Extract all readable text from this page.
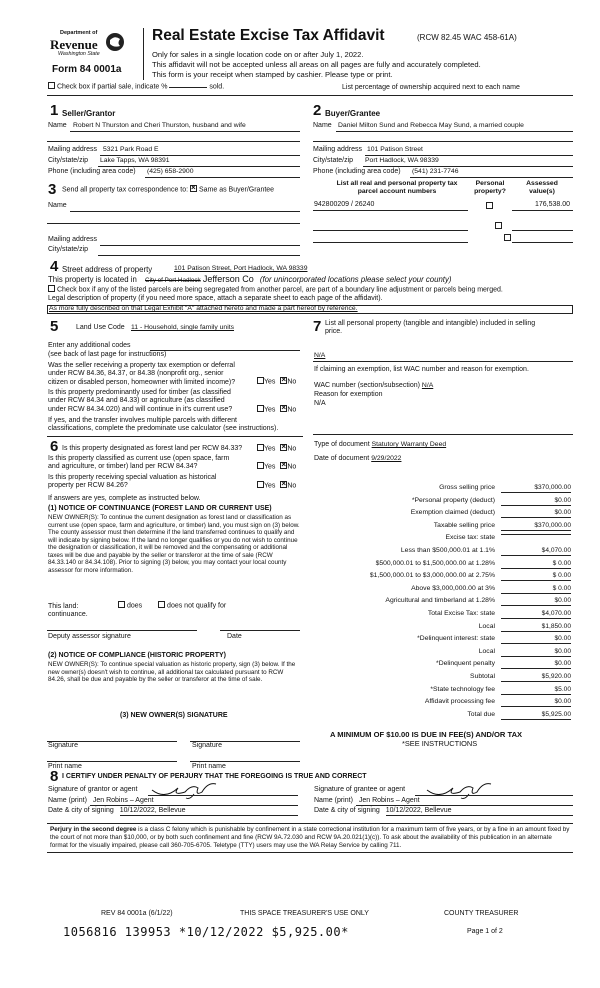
Department of
Revenue
Washington State
Form 84 0001a
Real Estate Excise Tax Affidavit	(RCW 82.45 WAC 458-61A)
Only for sales in a single location code on or after July 1, 2022.
This affidavit will not be accepted unless all areas on all pages are fully and accurately completed.
This form is your receipt when stamped by cashier. Please type or print.
Check box if partial sale, indicate %	sold.	List percentage of ownership acquired next to each name
1 Seller/Grantor
Name Robert N Thurston and Cheri Thurston, husband and wife
Mailing address 5321 Park Road E
City/state/zip Lake Tapps, WA 98391
Phone (including area code) (425) 658-2900
2 Buyer/Grantee
Name Daniel Milton Sund and Rebecca May Sund, a married couple
Mailing address 101 Patison Street
City/state/zip Port Hadlock, WA 98339
Phone (including area code) (541) 231-7746
3 Send all property tax correspondence to: × Same as Buyer/Grantee
Name
Mailing address
City/state/zip
List all real and personal property tax
parcel account numbers
Personal
property?
Assessed
value(s)
942800209 / 26240
	176,538.00

4 Street address of property	101 Patison Street, Port Hadlock, WA 98339
This property is located in City of Port Hadlock Jefferson Co (for unincorporated locations please select your county)
Check box if any of the listed parcels are being segregated from another parcel, are part of a boundary line adjustment or parcels being merged.
Legal description of property (if you need more space, attach a separate sheet to each page of the affidavit).
As more fully described on that Legal Exhibit "A" attached hereto and made a part hereof by reference.
5	Land Use Code 11 - Household, single family units
Enter any additional codes
(see back of last page for instructions)
Was the seller receiving a property tax exemption or deferral
under RCW 84.36, 84.37, or 84.38 (nonprofit org., senior
citizen or disabled person, homeowner with limited income)?	Yes × No
Is this property predominantly used for timber (as classified
under RCW 84.34 and 84.33) or agriculture (as classified
under RCW 84.34.020) and will continue in it's current use?	Yes × No
If yes, and the transfer involves multiple parcels with different
classifications, complete the predominate use calculator (see instructions).
6 Is this property designated as forest land per RCW 84.33?	Yes × No
Is this property classified as current use (open space, farm
and agriculture, or timber) land per RCW 84.34?	Yes × No
Is this property receiving special valuation as historical
property per RCW 84.26?	Yes × No
If answers are yes, complete as instructed below.
(1) NOTICE OF CONTINUANCE (FOREST LAND OR CURRENT USE)
NEW OWNER(S): To continue the current designation as forest land or classification as current use (open space, farm and agriculture, or timber) land, you must sign on (3) below. The county assessor must then determine if the land transferred continues to qualify and will indicate by signing below. If the land no longer qualifies or you do not wish to continue the designation or classification, it will be removed and the compensating or additional taxes will be due and payable by the seller or transferor at the time of sale (RCW 84.33.140 or 84.34.108). Prior to signing (3) below, you may contact your local county assessor for more information.
This land:	does	does not qualify for
continuance.
Deputy assessor signature	Date
(2) NOTICE OF COMPLIANCE (HISTORIC PROPERTY)
NEW OWNER(S): To continue special valuation as historic property, sign (3) below. If the new owner(s) doesn't wish to continue, all additional tax calculated pursuant to RCW 84.26, shall be due and payable by the seller or transferor at the time of sale.
(3) NEW OWNER(S) SIGNATURE
Signature	Signature
Print name	Print name
7 List all personal property (tangible and intangible) included in selling
price.
N/A
If claiming an exemption, list WAC number and reason for exemption.
WAC number (section/subsection) N/A
Reason for exemption
N/A
Type of document Statutory Warranty Deed
Date of document 9/29/2022
Gross selling price	$370,000.00
*Personal property (deduct)	$0.00
Exemption claimed (deduct)	$0.00
Taxable selling price	$370,000.00
Excise tax: state
Less than $500,000.01 at 1.1%	$4,070.00
$500,000.01 to $1,500,000.00 at 1.28%	$ 0.00
$1,500,000.01 to $3,000,000.00 at 2.75%	$ 0.00
Above $3,000,000.00 at 3%	$ 0.00
Agricultural and timberland at 1.28%	$0.00
Total Excise Tax: state	$4,070.00
Local	$1,850.00
*Delinquent interest: state	$0.00
Local	$0.00
*Delinquent penalty	$0.00
Subtotal	$5,920.00
*State technology fee	$5.00
Affidavit processing fee	$0.00
Total due	$5,925.00
A MINIMUM OF $10.00 IS DUE IN FEE(S) AND/OR TAX
*SEE INSTRUCTIONS
8 I CERTIFY UNDER PENALTY OF PERJURY THAT THE FOREGOING IS TRUE AND CORRECT
Signature of grantor or agent
Name (print) Jen Robins – Agent
Date & city of signing 10/12/2022, Bellevue
Signature of grantee or agent
Name (print) Jen Robins – Agent
Date & city of signing 10/12/2022, Bellevue
Perjury in the second degree is a class C felony which is punishable by confinement in a state correctional institution for a maximum term of five years, or by a fine in an amount fixed by the court of not more than $10,000, or by both such confinement and fine (RCW 9A.72.030 and RCW 9A.20.021(1)(c)). To ask about the availability of this publication in an alternate format for the visually impaired, please call 360-705-6705. Teletype (TTY) users may use the WA Relay Service by calling 711.
REV 84 0001a (6/1/22)	THIS SPACE TREASURER'S USE ONLY	COUNTY TREASURER
1056816 139953 *10/12/2022 $5,925.00*	Page 1 of 2
